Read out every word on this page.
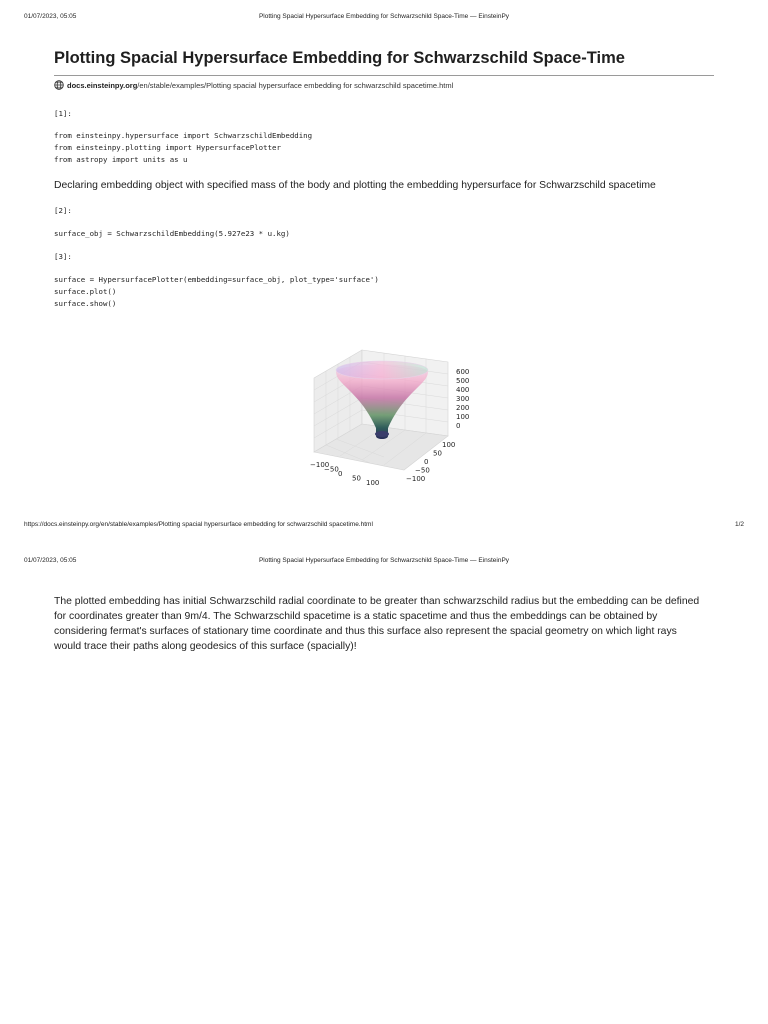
01/07/2023, 05:05	Plotting Spacial Hypersurface Embedding for Schwarzschild Space-Time — EinsteinPy
Plotting Spacial Hypersurface Embedding for Schwarzschild Space-Time
docs.einsteinpy.org/en/stable/examples/Plotting spacial hypersurface embedding for schwarzschild spacetime.html
[1]:
from einsteinpy.hypersurface import SchwarzschildEmbedding
from einsteinpy.plotting import HypersurfacePlotter
from astropy import units as u
Declaring embedding object with specified mass of the body and plotting the embedding hypersurface for Schwarzschild spacetime
[2]:
surface_obj = SchwarzschildEmbedding(5.927e23 * u.kg)
[3]:
surface = HypersurfacePlotter(embedding=surface_obj, plot_type='surface')
surface.plot()
surface.show()
600
500
400
300
200
100
0
100
50
0
−50
−100
−100
−50
0
50
100
https://docs.einsteinpy.org/en/stable/examples/Plotting spacial hypersurface embedding for schwarzschild spacetime.html	1/2
01/07/2023, 05:05	Plotting Spacial Hypersurface Embedding for Schwarzschild Space-Time — EinsteinPy
The plotted embedding has initial Schwarzschild radial coordinate to be greater than schwarzschild radius but the embedding can be defined for coordinates greater than 9m/4. The Schwarzschild spacetime is a static spacetime and thus the embeddings can be obtained by considering fermat's surfaces of stationary time coordinate and thus this surface also represent the spacial geometry on which light rays would trace their paths along geodesics of this surface (spacially)!
